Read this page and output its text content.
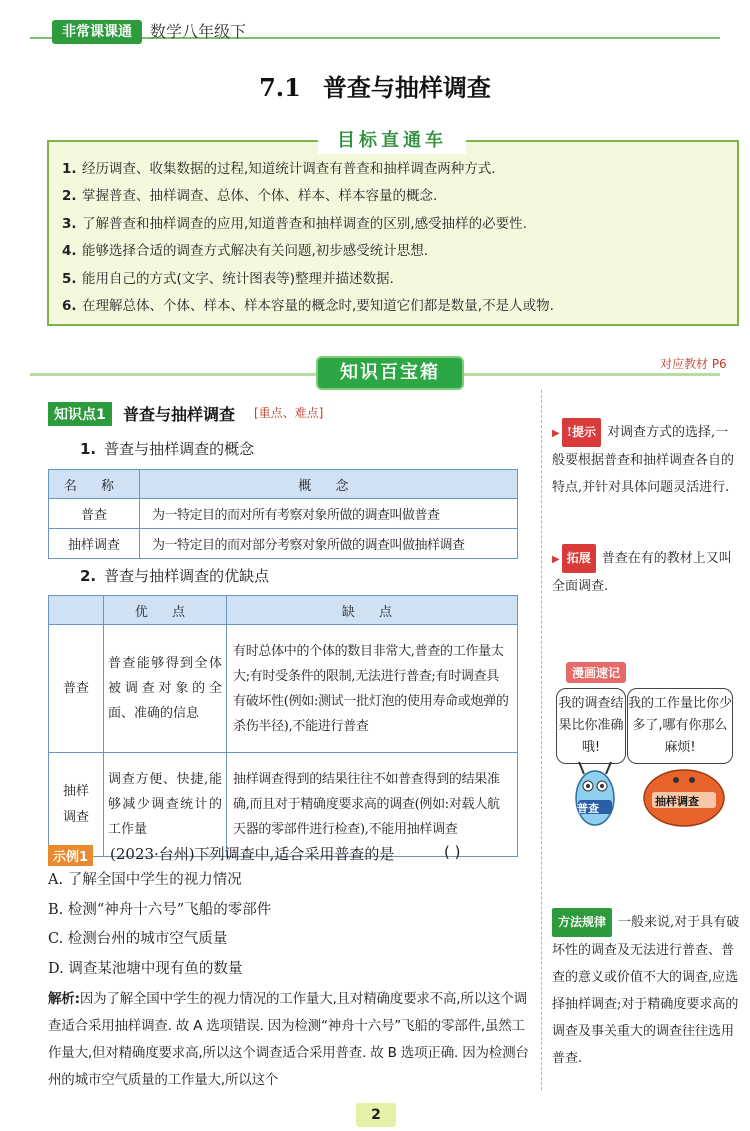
非常课课通	数学八年级下
7.1 普查与抽样调查
目标直通车
1. 经历调查、收集数据的过程,知道统计调查有普查和抽样调查两种方式.
2. 掌握普查、抽样调查、总体、个体、样本、样本容量的概念.
3. 了解普查和抽样调查的应用,知道普查和抽样调查的区别,感受抽样的必要性.
4. 能够选择合适的调查方式解决有关问题,初步感受统计思想.
5. 能用自己的方式(文字、统计图表等)整理并描述数据.
6. 在理解总体、个体、样本、样本容量的概念时,要知道它们都是数量,不是人或物.
知识百宝箱	对应教材 P6
▶ !提示 对调查方式的选择,一般要根据普查和抽样调查各自的特点,并针对具体问题灵活进行.
▶ 拓展 普查在有的教材上又叫全面调查.
漫画速记
我的调查结果比你准确哦!
我的工作量比你少多了,哪有你那么麻烦!
普查
抽样调查
方法规律 一般来说,对于具有破坏性的调查及无法进行普查、普查的意义或价值不大的调查,应选择抽样调查;对于精确度要求高的调查及事关重大的调查往往选用普查.
知识点1	普查与抽样调查 [重点、难点]
1. 普查与抽样调查的概念
名 称	概 念
普查	为一特定目的而对所有考察对象所做的调查叫做普查
抽样调查	为一特定目的而对部分考察对象所做的调查叫做抽样调查
2. 普查与抽样调查的优缺点
	优 点	缺 点
普查	普查能够得到全体被调查对象的全面、准确的信息	有时总体中的个体的数目非常大,普查的工作量太大;有时受条件的限制,无法进行普查;有时调查具有破坏性(例如:测试一批灯泡的使用寿命或炮弹的杀伤半径),不能进行普查
抽样
调查	调查方便、快捷,能够减少调查统计的工作量	抽样调查得到的结果往往不如普查得到的结果准确,而且对于精确度要求高的调查(例如:对载人航天器的零部件进行检查),不能用抽样调查
示例1	(2023·台州)下列调查中,适合采用普查的是	( )
A. 了解全国中学生的视力情况
B. 检测“神舟十六号”飞船的零部件
C. 检测台州的城市空气质量
D. 调查某池塘中现有鱼的数量
解析:因为了解全国中学生的视力情况的工作量大,且对精确度要求不高,所以这个调查适合采用抽样调查. 故 A 选项错误. 因为检测“神舟十六号”飞船的零部件,虽然工作量大,但对精确度要求高,所以这个调查适合采用普查. 故 B 选项正确. 因为检测台州的城市空气质量的工作量大,所以这个
2
